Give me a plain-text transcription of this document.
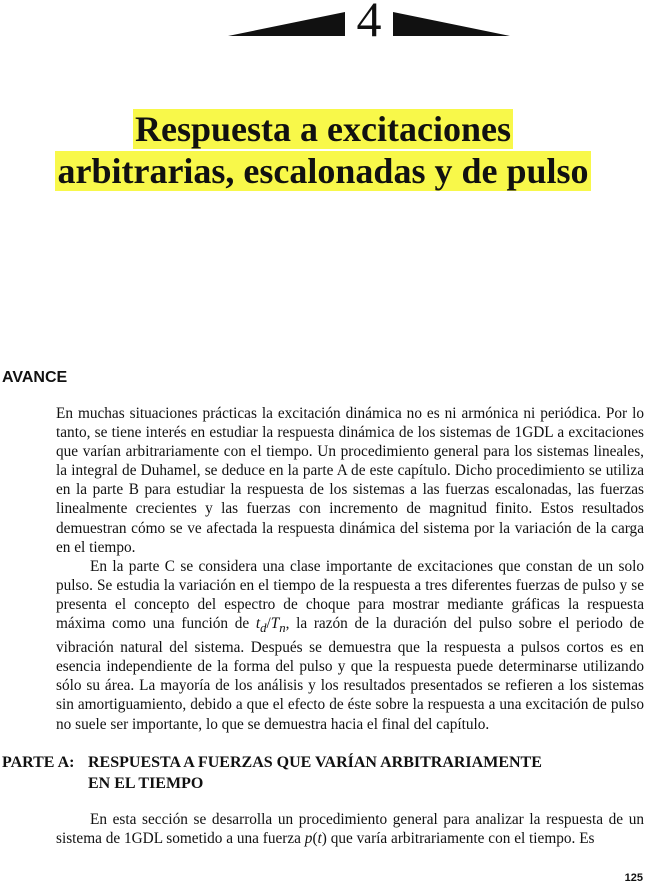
4
Respuesta a excitaciones
arbitrarias, escalonadas y de pulso
AVANCE

En muchas situaciones prácticas la excitación dinámica no es ni armónica ni periódica. Por lo tanto, se tiene interés en estudiar la respuesta dinámica de los sistemas de 1GDL a excitaciones que varían arbitrariamente con el tiempo. Un procedimiento general para los sistemas lineales, la integral de Duhamel, se deduce en la parte A de este capítulo. Dicho procedimiento se utiliza en la parte B para estudiar la respuesta de los sistemas a las fuerzas escalonadas, las fuerzas linealmente crecientes y las fuerzas con incremento de magnitud finito. Estos resultados demuestran cómo se ve afectada la respuesta dinámica del sistema por la variación de la carga en el tiempo.

En la parte C se considera una clase importante de excitaciones que constan de un solo pulso. Se estudia la variación en el tiempo de la respuesta a tres diferentes fuerzas de pulso y se presenta el concepto del espectro de choque para mostrar mediante gráficas la respuesta máxima como una función de $t_d/T_n$, la razón de la duración del pulso sobre el periodo de vibración natural del sistema. Después se demuestra que la respuesta a pulsos cortos es en esencia independiente de la forma del pulso y que la respuesta puede determinarse utilizando sólo su área. La mayoría de los análisis y los resultados presentados se refieren a los sistemas sin amortiguamiento, debido a que el efecto de éste sobre la respuesta a una excitación de pulso no suele ser importante, lo que se demuestra hacia el final del capítulo.

PARTE A: RESPUESTA A FUERZAS QUE VARÍAN ARBITRARIAMENTE
EN EL TIEMPO

En esta sección se desarrolla un procedimiento general para analizar la respuesta de un sistema de 1GDL sometido a una fuerza p(t) que varía arbitrariamente con el tiempo. Es

125
